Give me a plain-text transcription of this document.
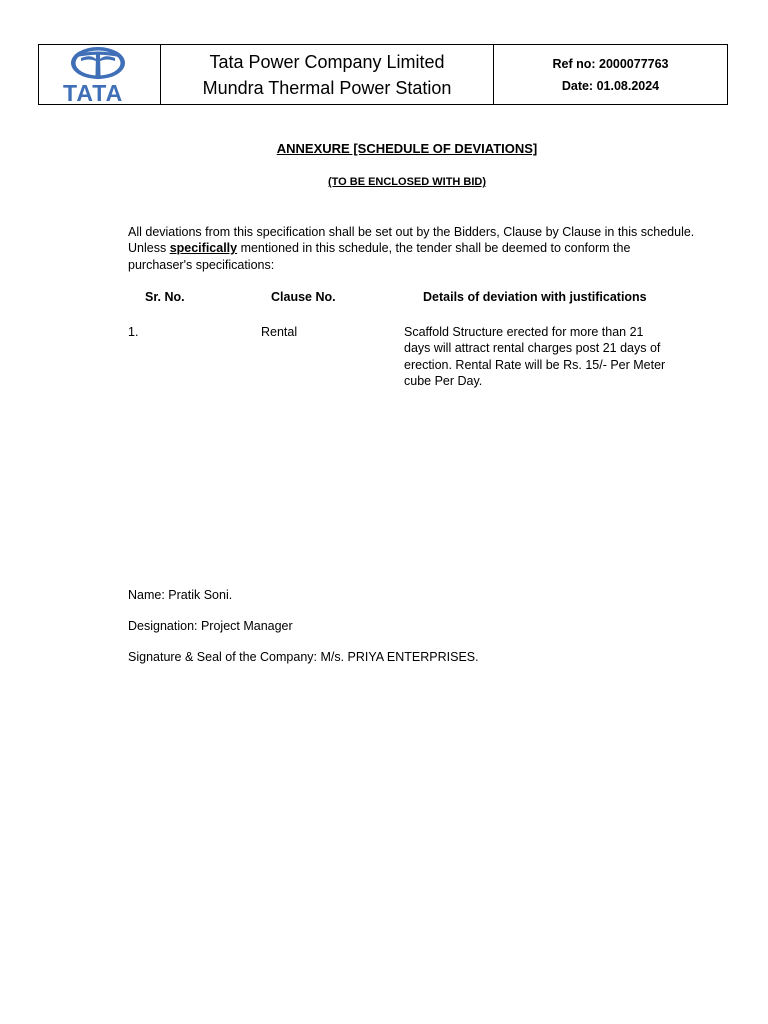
TATA
Tata Power Company Limited
Mundra Thermal Power Station
Ref no: 2000077763
Date: 01.08.2024
ANNEXURE [SCHEDULE OF DEVIATIONS]
(TO BE ENCLOSED WITH BID)
All deviations from this specification shall be set out by the Bidders, Clause by Clause in this schedule. Unless specifically mentioned in this schedule, the tender shall be deemed to conform the purchaser's specifications:
Sr. No.	Clause No.	Details of deviation with justifications
1.	Rental	Scaffold Structure erected for more than 21 days will attract rental charges post 21 days of erection. Rental Rate will be Rs. 15/- Per Meter cube Per Day.
Name: Pratik Soni.
Designation: Project Manager
Signature & Seal of the Company: M/s. PRIYA ENTERPRISES.
